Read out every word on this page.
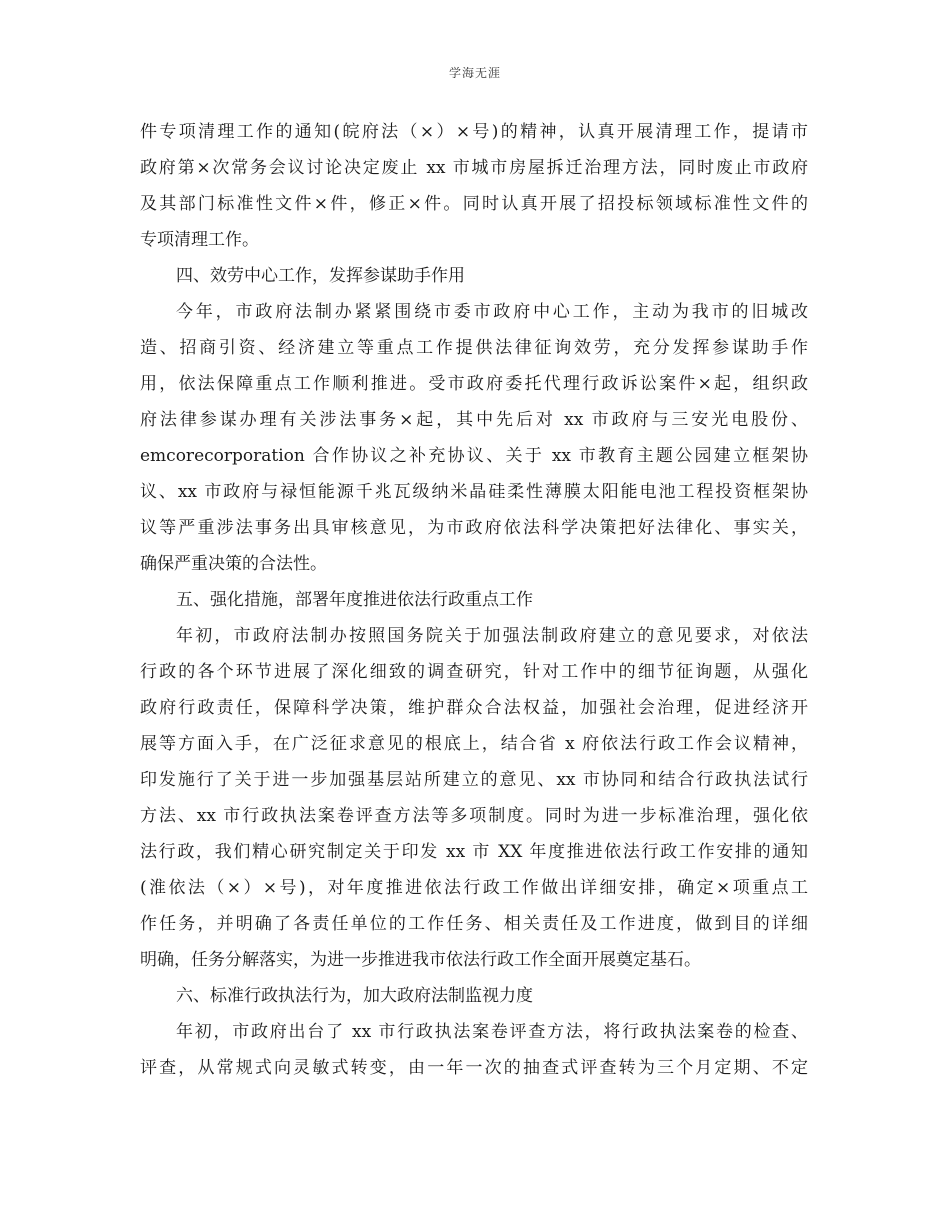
学海无涯
件专项清理工作的通知(皖府法（×）×号)的精神，认真开展清理工作，提请市
政府第×次常务会议讨论决定废止 xx 市城市房屋拆迁治理方法，同时废止市政府
及其部门标准性文件×件，修正×件。同时认真开展了招投标领域标准性文件的
专项清理工作。
四、效劳中心工作，发挥参谋助手作用
今年，市政府法制办紧紧围绕市委市政府中心工作，主动为我市的旧城改
造、招商引资、经济建立等重点工作提供法律征询效劳，充分发挥参谋助手作
用，依法保障重点工作顺利推进。受市政府委托代理行政诉讼案件×起，组织政
府法律参谋办理有关涉法事务×起，其中先后对 xx 市政府与三安光电股份、
emcorecorporation 合作协议之补充协议、关于 xx 市教育主题公园建立框架协
议、xx 市政府与禄恒能源千兆瓦级纳米晶硅柔性薄膜太阳能电池工程投资框架协
议等严重涉法事务出具审核意见，为市政府依法科学决策把好法律化、事实关，
确保严重决策的合法性。
五、强化措施，部署年度推进依法行政重点工作
年初，市政府法制办按照国务院关于加强法制政府建立的意见要求，对依法
行政的各个环节进展了深化细致的调查研究，针对工作中的细节征询题，从强化
政府行政责任，保障科学决策，维护群众合法权益，加强社会治理，促进经济开
展等方面入手，在广泛征求意见的根底上，结合省 x 府依法行政工作会议精神，
印发施行了关于进一步加强基层站所建立的意见、xx 市协同和结合行政执法试行
方法、xx 市行政执法案卷评查方法等多项制度。同时为进一步标准治理，强化依
法行政，我们精心研究制定关于印发 xx 市 XX 年度推进依法行政工作安排的通知
(淮依法（×）×号)，对年度推进依法行政工作做出详细安排，确定×项重点工
作任务，并明确了各责任单位的工作任务、相关责任及工作进度，做到目的详细
明确，任务分解落实，为进一步推进我市依法行政工作全面开展奠定基石。
六、标准行政执法行为，加大政府法制监视力度
年初，市政府出台了 xx 市行政执法案卷评查方法，将行政执法案卷的检查、
评查，从常规式向灵敏式转变，由一年一次的抽查式评查转为三个月定期、不定
